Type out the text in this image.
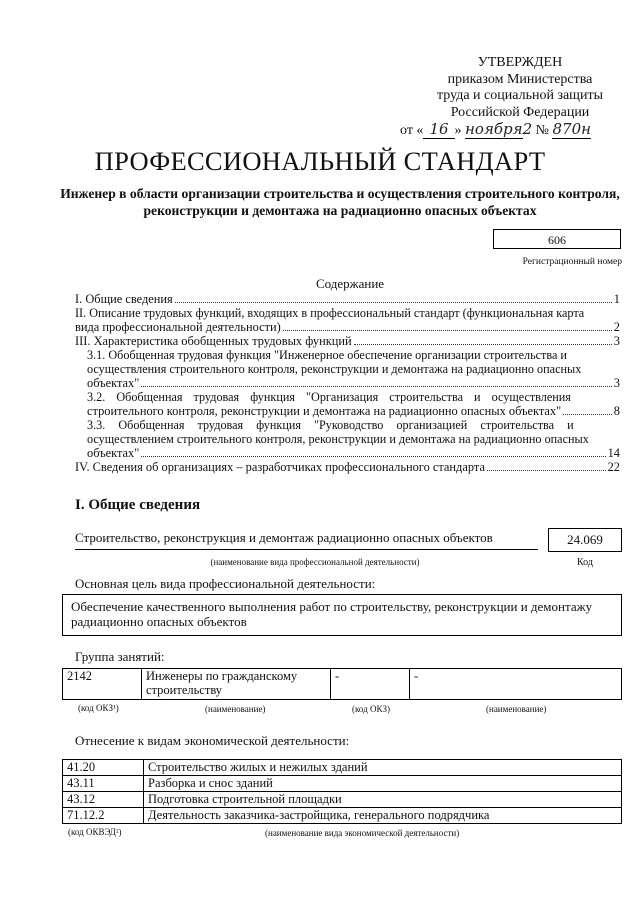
УТВЕРЖДЕН
приказом Министерства
труда и социальной защиты
Российской Федерации
от « 16 » ноября2 № 870н
ПРОФЕССИОНАЛЬНЫЙ СТАНДАРТ
Инженер в области организации строительства и осуществления строительного контроля, реконструкции и демонтажа на радиационно опасных объектах
606
Регистрационный номер
Содержание
I. Общие сведения	1
II. Описание трудовых функций, входящих в профессиональный стандарт (функциональная карта
вида профессиональной деятельности)	2
III. Характеристика обобщенных трудовых функций	3
3.1. Обобщенная трудовая функция "Инженерное обеспечение организации строительства и
осуществления строительного контроля, реконструкции и демонтажа на радиационно опасных
объектах"	3
3.2. Обобщенная трудовая функция "Организация строительства и осуществления
строительного контроля, реконструкции и демонтажа на радиационно опасных объектах"	8
3.3. Обобщенная трудовая функция "Руководство организацией строительства и
осуществлением строительного контроля, реконструкции и демонтажа на радиационно опасных
объектах"	14
IV. Сведения об организациях – разработчиках профессионального стандарта	22
I. Общие сведения
Строительство, реконструкция и демонтаж радиационно опасных объектов	24.069
(наименование вида профессиональной деятельности)	Код
Основная цель вида профессиональной деятельности:
Обеспечение качественного выполнения работ по строительству, реконструкции и демонтажу радиационно опасных объектов
Группа занятий:
2142	Инженеры по гражданскому строительству	-	-
(код ОКЗ¹)	(наименование)	(код ОКЗ)	(наименование)
Отнесение к видам экономической деятельности:
41.20	Строительство жилых и нежилых зданий
43.11	Разборка и снос зданий
43.12	Подготовка строительной площадки
71.12.2	Деятельность заказчика-застройщика, генерального подрядчика
(код ОКВЭД²)	(наименование вида экономической деятельности)
